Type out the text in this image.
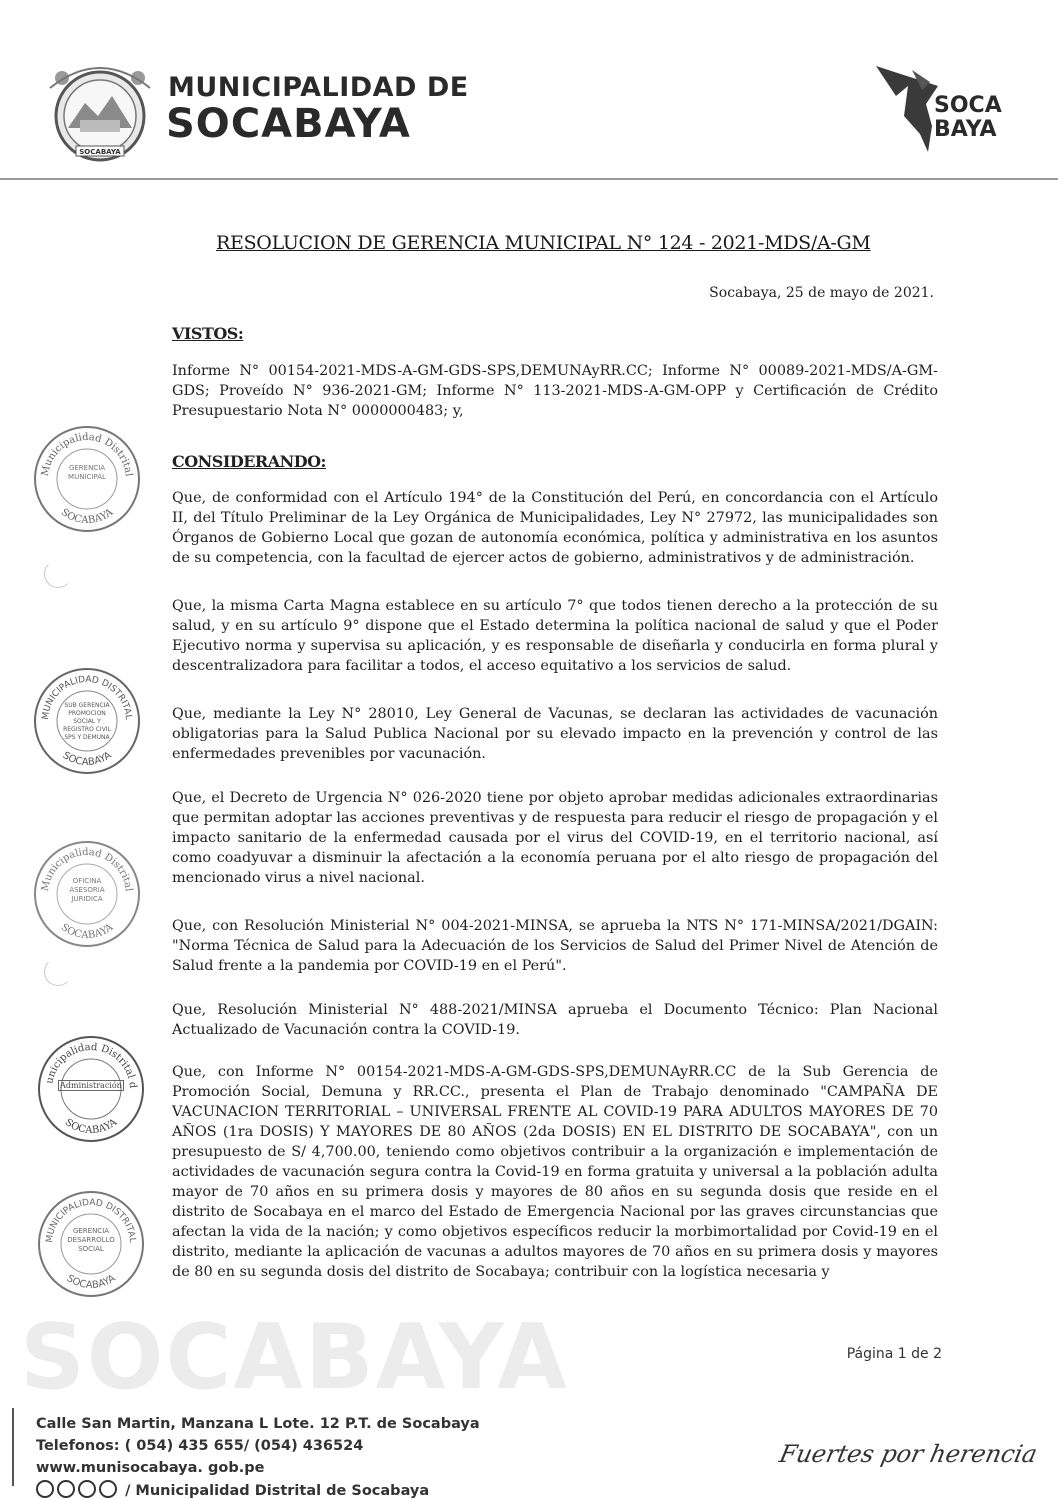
SOCABAYA
MUNICIPALIDAD DE
SOCABAYA	SOCA
BAYA
RESOLUCION DE GERENCIA MUNICIPAL N° 124 - 2021-MDS/A-GM
Socabaya, 25 de mayo de 2021.
VISTOS:
Informe N° 00154-2021-MDS-A-GM-GDS-SPS,DEMUNAyRR.CC; Informe N° 00089-2021-MDS/A-GM-GDS; Proveído N° 936-2021-GM; Informe N° 113-2021-MDS-A-GM-OPP y Certificación de Crédito Presupuestario Nota N° 0000000483; y,
CONSIDERANDO:
Que, de conformidad con el Artículo 194° de la Constitución del Perú, en concordancia con el Artículo II, del Título Preliminar de la Ley Orgánica de Municipalidades, Ley N° 27972, las municipalidades son Órganos de Gobierno Local que gozan de autonomía económica, política y administrativa en los asuntos de su competencia, con la facultad de ejercer actos de gobierno, administrativos y de administración.
Que, la misma Carta Magna establece en su artículo 7° que todos tienen derecho a la protección de su salud, y en su artículo 9° dispone que el Estado determina la política nacional de salud y que el Poder Ejecutivo norma y supervisa su aplicación, y es responsable de diseñarla y conducirla en forma plural y descentralizadora para facilitar a todos, el acceso equitativo a los servicios de salud.
Que, mediante la Ley N° 28010, Ley General de Vacunas, se declaran las actividades de vacunación obligatorias para la Salud Publica Nacional por su elevado impacto en la prevención y control de las enfermedades prevenibles por vacunación.
Que, el Decreto de Urgencia N° 026-2020 tiene por objeto aprobar medidas adicionales extraordinarias que permitan adoptar las acciones preventivas y de respuesta para reducir el riesgo de propagación y el impacto sanitario de la enfermedad causada por el virus del COVID-19, en el territorio nacional, así como coadyuvar a disminuir la afectación a la economía peruana por el alto riesgo de propagación del mencionado virus a nivel nacional.
Que, con Resolución Ministerial N° 004-2021-MINSA, se aprueba la NTS N° 171-MINSA/2021/DGAIN: "Norma Técnica de Salud para la Adecuación de los Servicios de Salud del Primer Nivel de Atención de Salud frente a la pandemia por COVID-19 en el Perú".
Que, Resolución Ministerial N° 488-2021/MINSA aprueba el Documento Técnico: Plan Nacional Actualizado de Vacunación contra la COVID-19.
Que, con Informe N° 00154-2021-MDS-A-GM-GDS-SPS,DEMUNAyRR.CC de la Sub Gerencia de Promoción Social, Demuna y RR.CC., presenta el Plan de Trabajo denominado "CAMPAÑA DE VACUNACION TERRITORIAL – UNIVERSAL FRENTE AL COVID-19 PARA ADULTOS MAYORES DE 70 AÑOS (1ra DOSIS) Y MAYORES DE 80 AÑOS (2da DOSIS) EN EL DISTRITO DE SOCABAYA", con un presupuesto de S/ 4,700.00, teniendo como objetivos contribuir a la organización e implementación de actividades de vacunación segura contra la Covid-19 en forma gratuita y universal a la población adulta mayor de 70 años en su primera dosis y mayores de 80 años en su segunda dosis que reside en el distrito de Socabaya en el marco del Estado de Emergencia Nacional por las graves circunstancias que afectan la vida de la nación; y como objetivos específicos reducir la morbimortalidad por Covid-19 en el distrito, mediante la aplicación de vacunas a adultos mayores de 70 años en su primera dosis y mayores de 80 en su segunda dosis del distrito de Socabaya; contribuir con la logística necesaria y
Municipalidad Distrital
SOCABAYA
GERENCIA MUNICIPAL
MUNICIPALIDAD DISTRITAL
SOCABAYA
SUB GERENCIA PROMOCION SOCIAL Y REGISTRO CIVIL SPS Y DEMUNA
Municipalidad Distrital
SOCABAYA
OFICINA ASESORIA JURIDICA
unicipalidad Distrital d
SOCABAYA
Administración
MUNICIPALIDAD DISTRITAL
SOCABAYA
GERENCIA DESARROLLO SOCIAL
SOCABAYA	Página 1 de 2
Calle San Martin, Manzana L Lote. 12 P.T. de Socabaya
Telefonos: ( 054) 435 655/ (054) 436524
www.munisocabaya. gob.pe
/ Municipalidad Distrital de Socabaya
Fuertes por herencia
